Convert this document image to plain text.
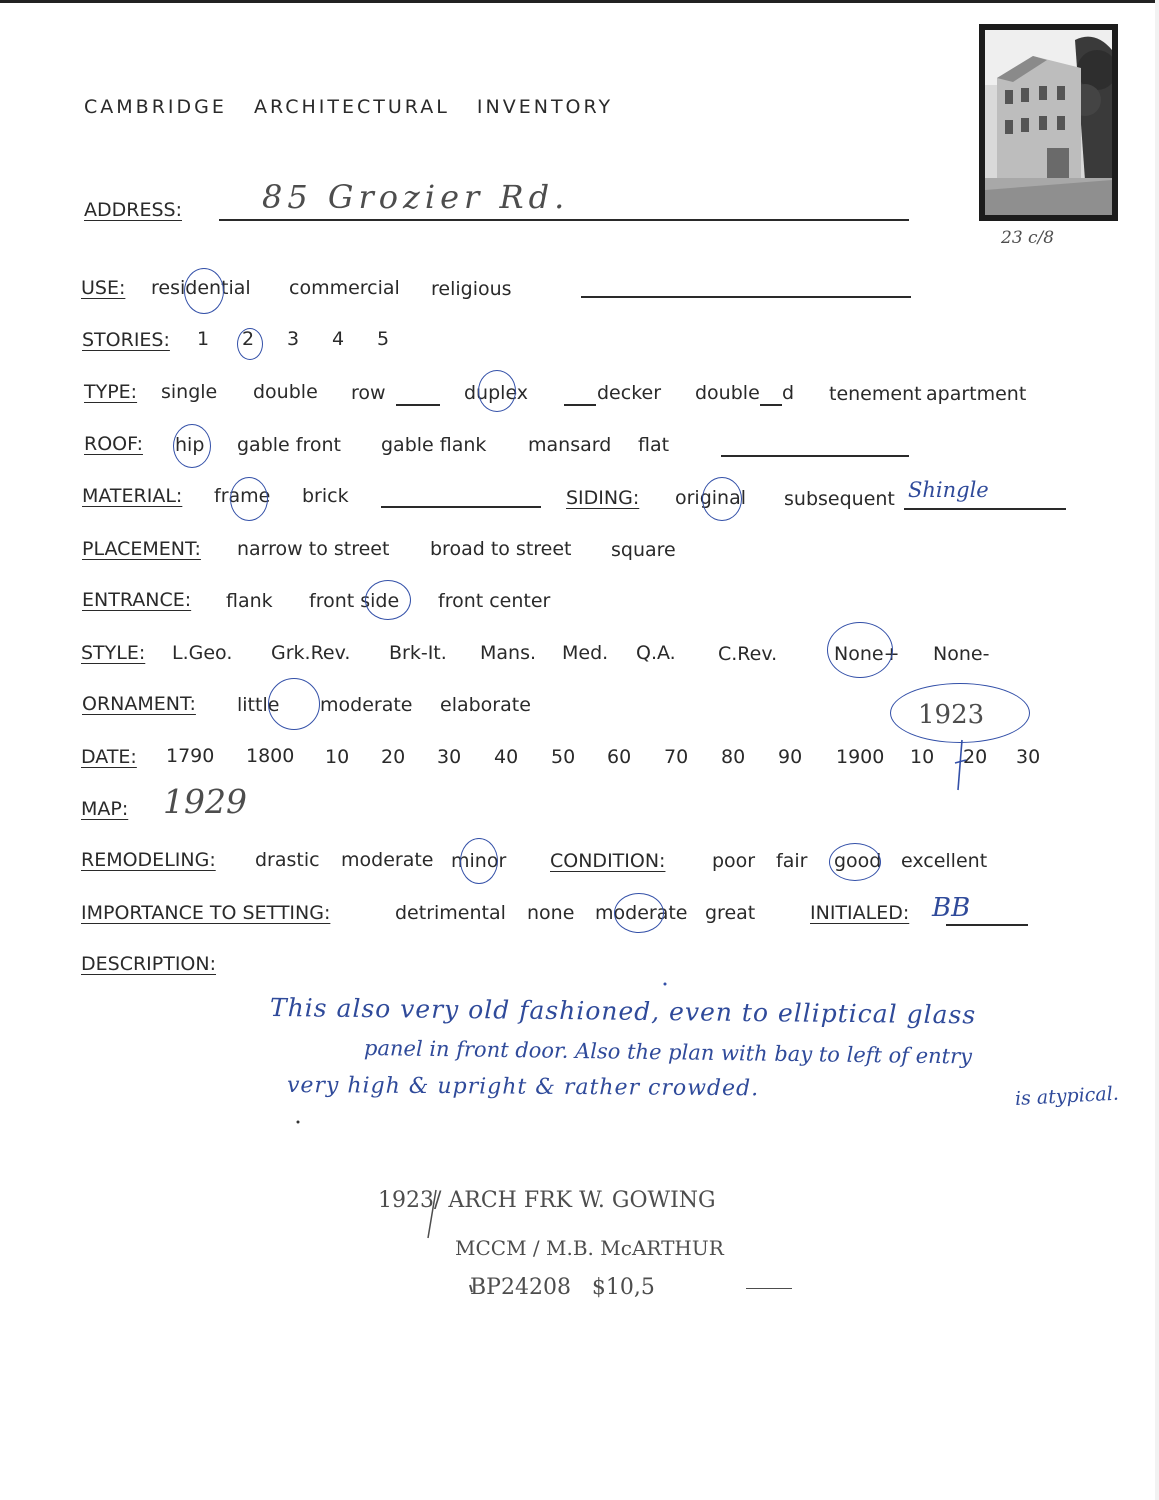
CAMBRIDGE   ARCHITECTURAL   INVENTORY
23 c/8
ADDRESS:	85 Grozier Rd.
USE: residential commercial religious
STORIES: 1 2 3 4 5
TYPE: single double row	duplex	decker double d tenement apartment
ROOF: hip gable front gable flank mansard flat
MATERIAL: frame brick	SIDING: original subsequent Shingle
PLACEMENT: narrow to street broad to street square
ENTRANCE: flank front side front center
STYLE: L.Geo. Grk.Rev. Brk-It. Mans. Med. Q.A. C.Rev.	None+ None-
ORNAMENT: little moderate elaborate
DATE: 1790 1800 10 20 30 40 50 60 70 80 90 1900 10 20 30
1923
MAP: 1929
REMODELING: drastic moderate minor CONDITION: poor fair good excellent
IMPORTANCE TO SETTING:	detrimental none moderate great	INITIALED: BB
DESCRIPTION:
This also very old fashioned, even to elliptical glass
panel in front door. Also the plan with bay to left of entry
very high & upright & rather crowded.	is atypical.
1923/ ARCH FRK W. GOWING
MCCM / M.B. McARTHUR
BP24208   $10,5
